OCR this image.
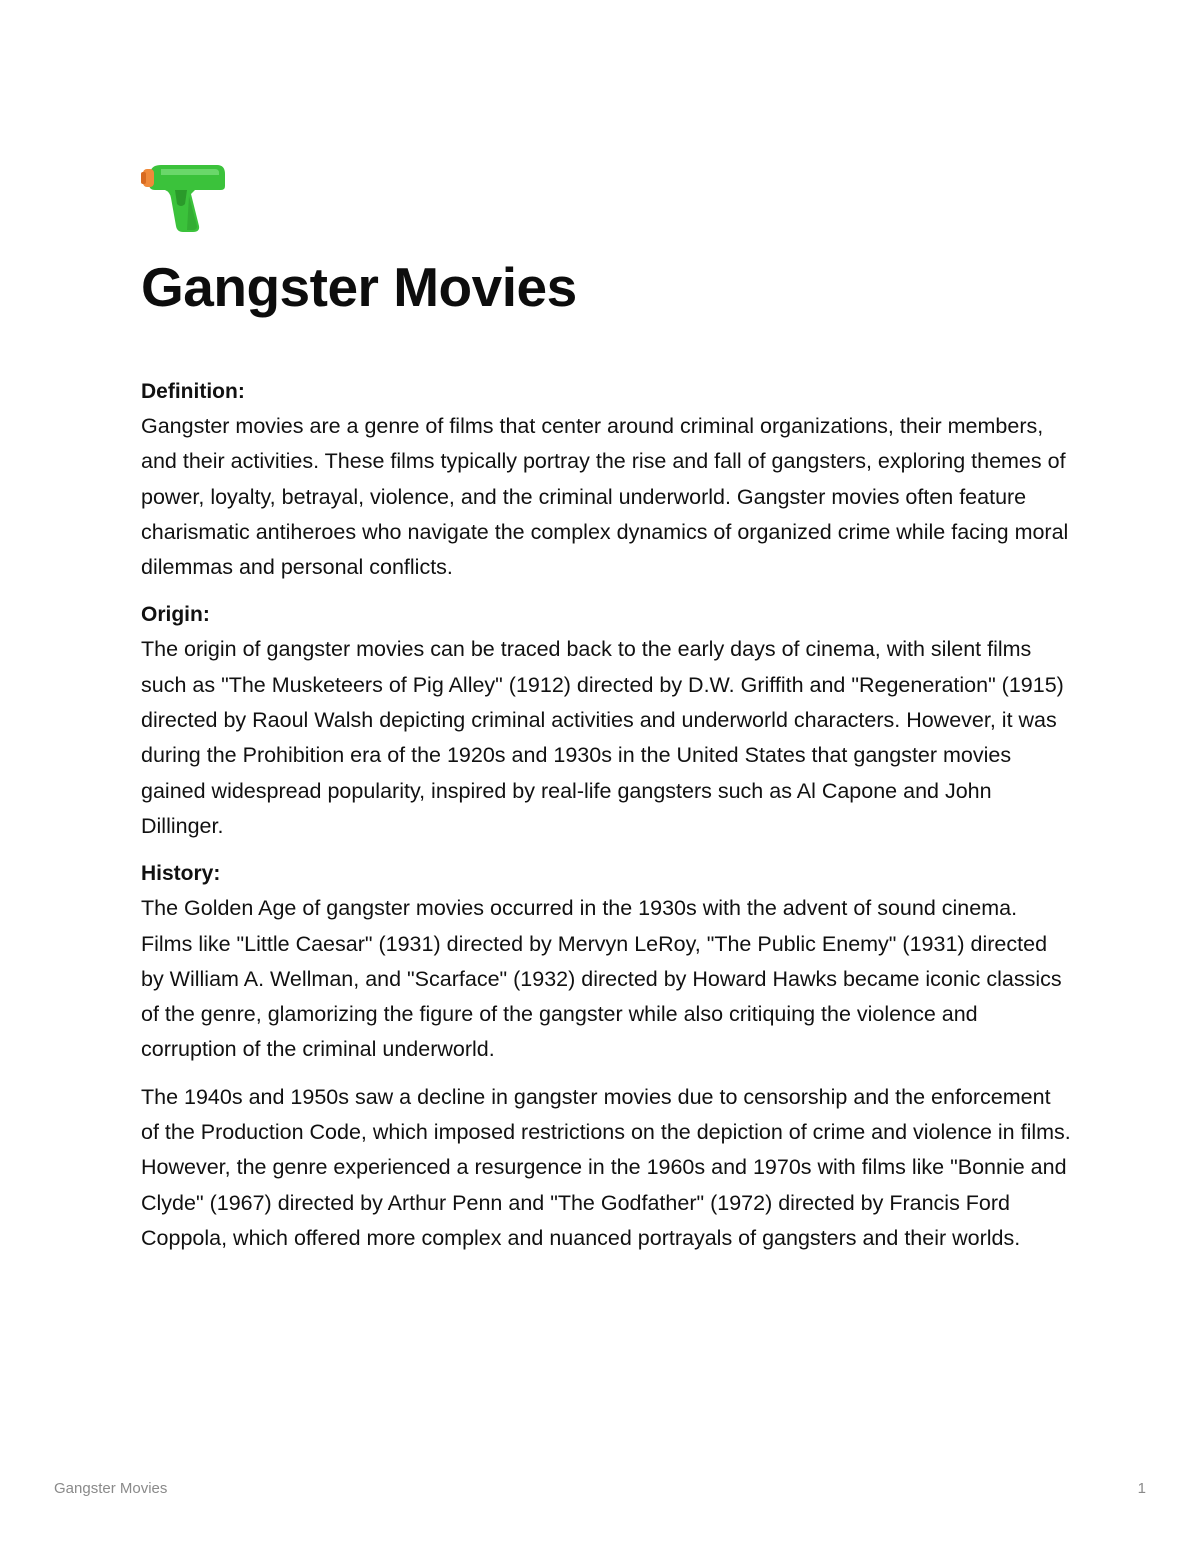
Gangster Movies

Definition:

Gangster movies are a genre of films that center around criminal organizations, their members, and their activities. These films typically portray the rise and fall of gangsters, exploring themes of power, loyalty, betrayal, violence, and the criminal underworld. Gangster movies often feature charismatic antiheroes who navigate the complex dynamics of organized crime while facing moral dilemmas and personal conflicts.

Origin:

The origin of gangster movies can be traced back to the early days of cinema, with silent films such as "The Musketeers of Pig Alley" (1912) directed by D.W. Griffith and "Regeneration" (1915) directed by Raoul Walsh depicting criminal activities and underworld characters. However, it was during the Prohibition era of the 1920s and 1930s in the United States that gangster movies gained widespread popularity, inspired by real-life gangsters such as Al Capone and John Dillinger.

History:

The Golden Age of gangster movies occurred in the 1930s with the advent of sound cinema. Films like "Little Caesar" (1931) directed by Mervyn LeRoy, "The Public Enemy" (1931) directed by William A. Wellman, and "Scarface" (1932) directed by Howard Hawks became iconic classics of the genre, glamorizing the figure of the gangster while also critiquing the violence and corruption of the criminal underworld.

The 1940s and 1950s saw a decline in gangster movies due to censorship and the enforcement of the Production Code, which imposed restrictions on the depiction of crime and violence in films. However, the genre experienced a resurgence in the 1960s and 1970s with films like "Bonnie and Clyde" (1967) directed by Arthur Penn and "The Godfather" (1972) directed by Francis Ford Coppola, which offered more complex and nuanced portrayals of gangsters and their worlds.

Gangster Movies	1
